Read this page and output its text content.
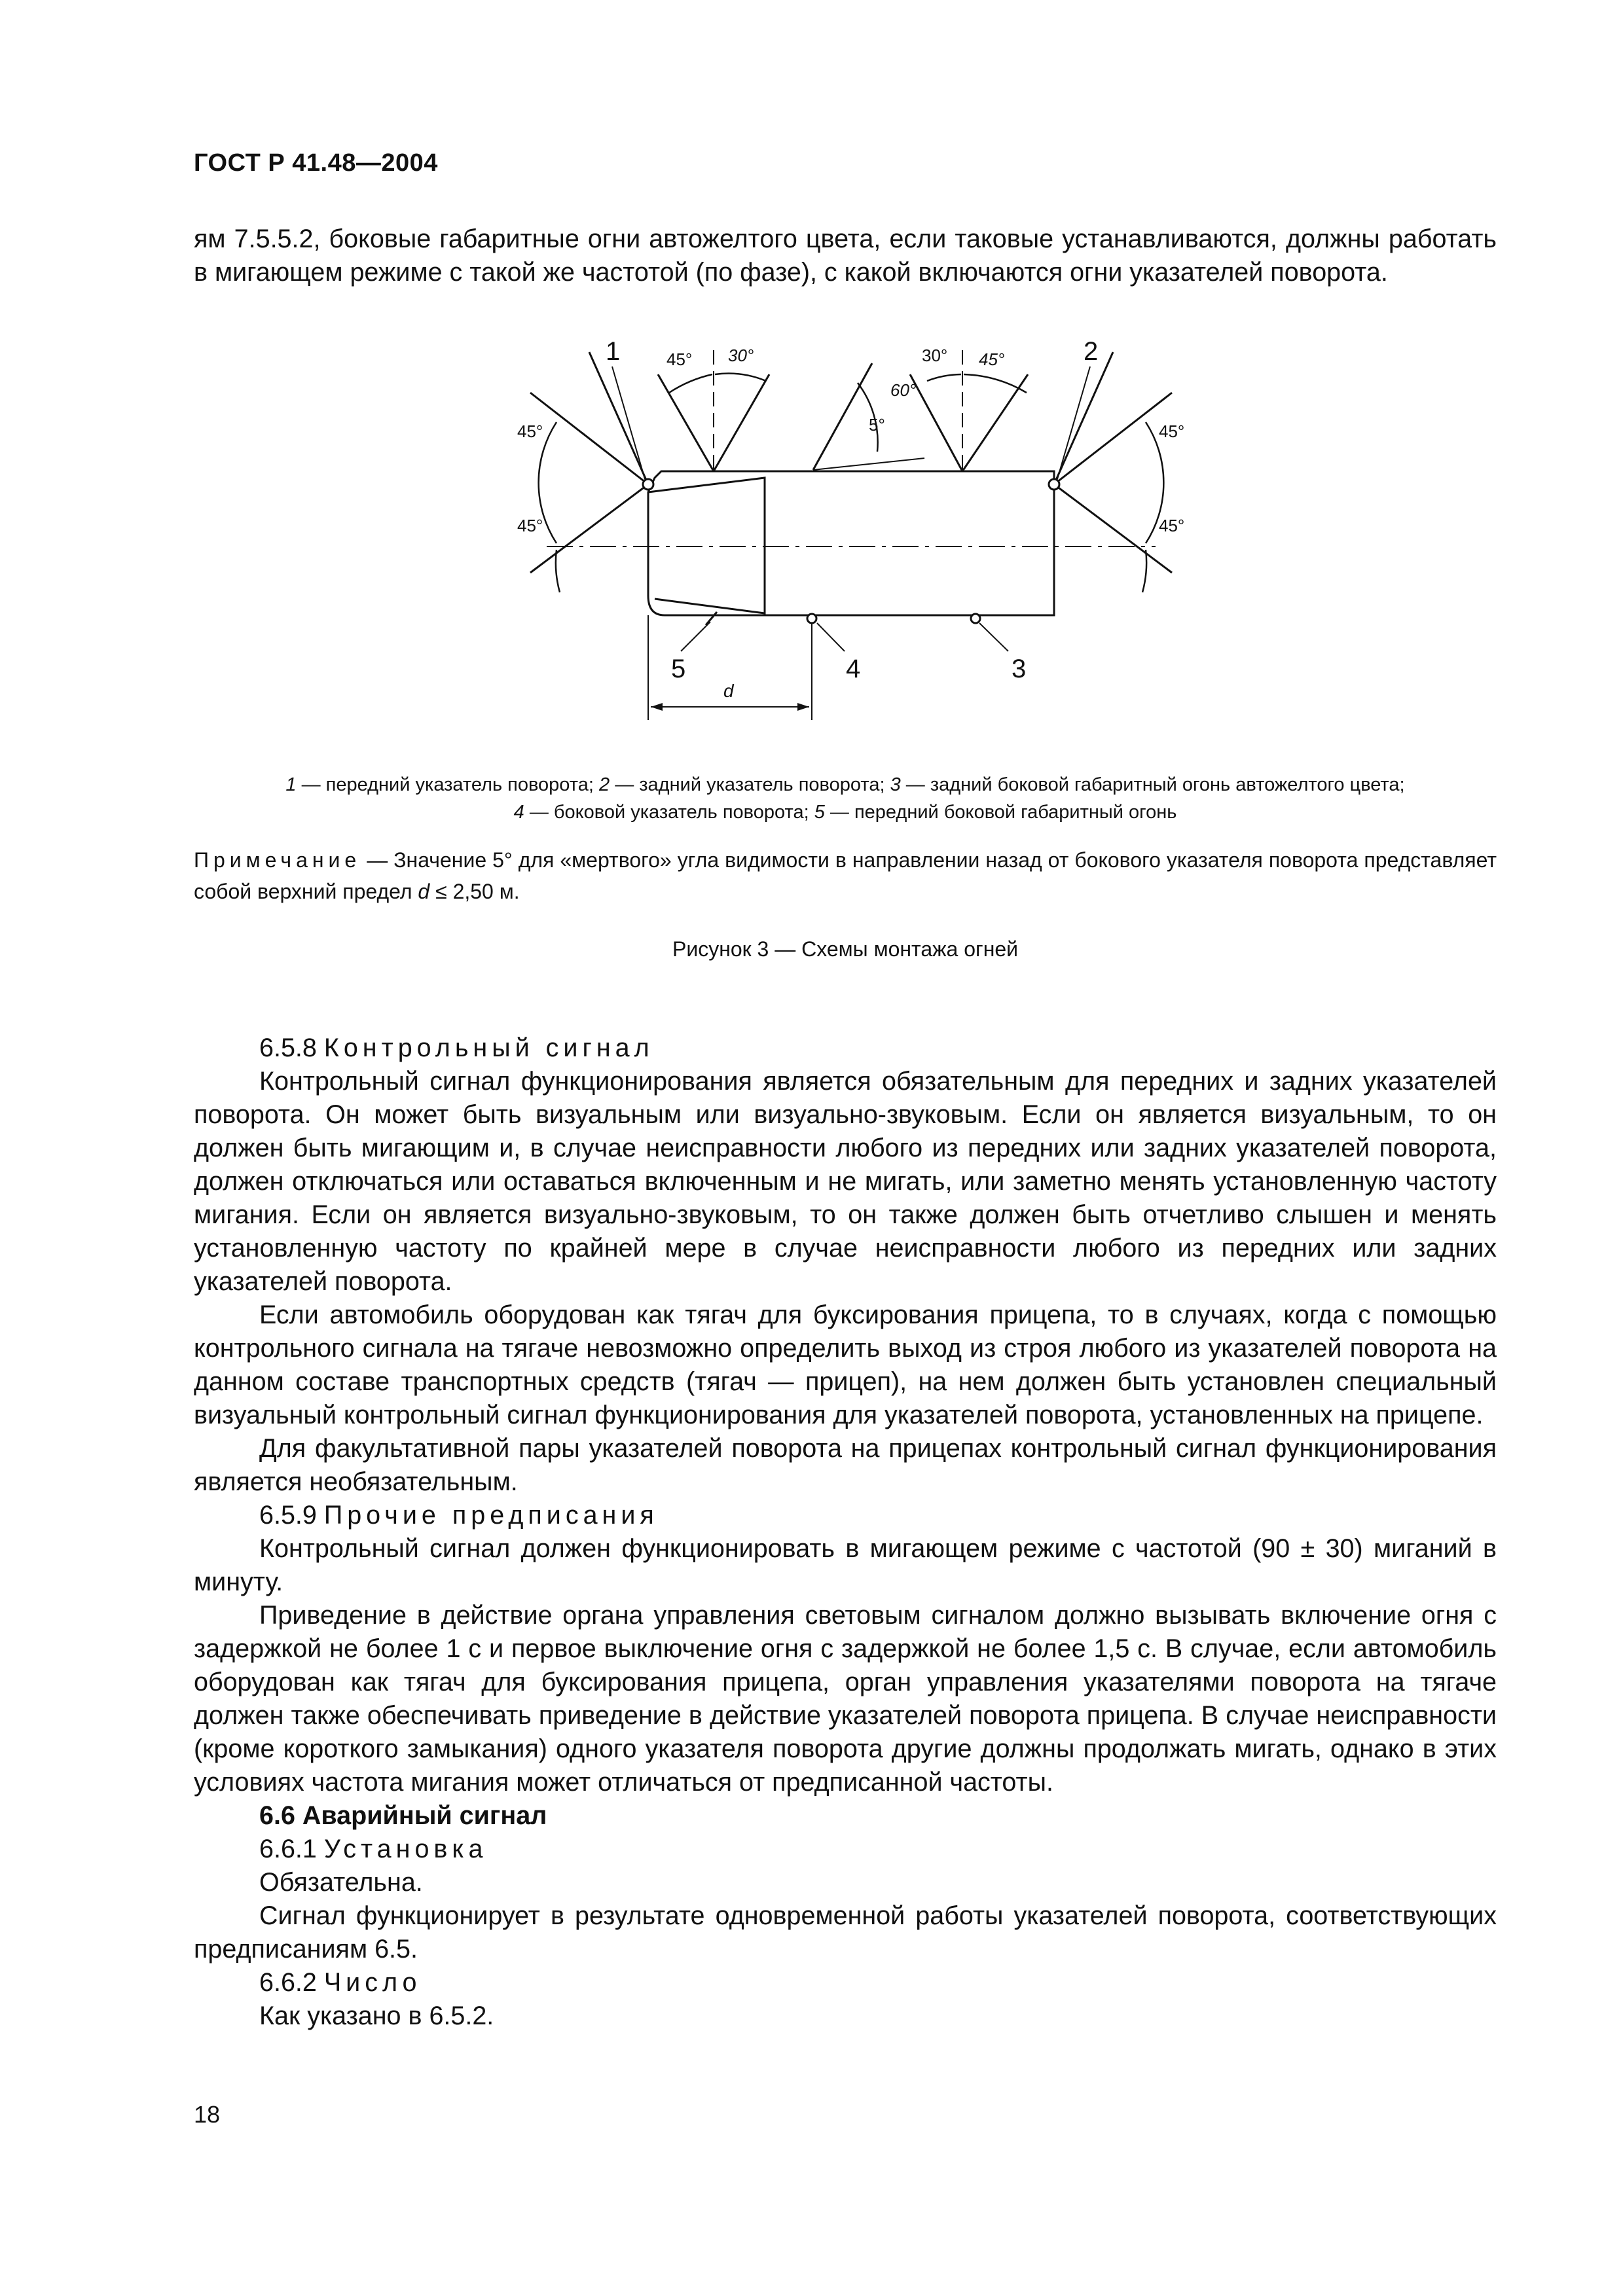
ГОСТ Р 41.48—2004

ям 7.5.5.2, боковые габаритные огни автожелтого цвета, если таковые устанавливаются, должны работать в мигающем режиме с такой же частотой (по фазе), с какой включаются огни указателей поворота.

1	2
5	4	3
45° 30°	30° 45°
60°
5°
45°
45°
45°
45°
d
1 — передний указатель поворота; 2 — задний указатель поворота; 3 — задний боковой габаритный огонь автожелтого цвета;
4 — боковой указатель поворота; 5 — передний боковой габаритный огонь

Примечание — Значение 5° для «мертвого» угла видимости в направлении назад от бокового указателя поворота представляет собой верхний предел d ≤ 2,50 м.

Рисунок 3 — Схемы монтажа огней

6.5.8 Контрольный сигнал

Контрольный сигнал функционирования является обязательным для передних и задних указателей поворота. Он может быть визуальным или визуально-звуковым. Если он является визуальным, то он должен быть мигающим и, в случае неисправности любого из передних или задних указателей поворота, должен отключаться или оставаться включенным и не мигать, или заметно менять установленную частоту мигания. Если он является визуально-звуковым, то он также должен быть отчетливо слышен и менять установленную частоту по крайней мере в случае неисправности любого из передних или задних указателей поворота.

Если автомобиль оборудован как тягач для буксирования прицепа, то в случаях, когда с помощью контрольного сигнала на тягаче невозможно определить выход из строя любого из указателей поворота на данном составе транспортных средств (тягач — прицеп), на нем должен быть установлен специальный визуальный контрольный сигнал функционирования для указателей поворота, установленных на прицепе.

Для факультативной пары указателей поворота на прицепах контрольный сигнал функционирования является необязательным.

6.5.9 Прочие предписания

Контрольный сигнал должен функционировать в мигающем режиме с частотой (90 ± 30) миганий в минуту.

Приведение в действие органа управления световым сигналом должно вызывать включение огня с задержкой не более 1 с и первое выключение огня с задержкой не более 1,5 с. В случае, если автомобиль оборудован как тягач для буксирования прицепа, орган управления указателями поворота на тягаче должен также обеспечивать приведение в действие указателей поворота прицепа. В случае неисправности (кроме короткого замыкания) одного указателя поворота другие должны продолжать мигать, однако в этих условиях частота мигания может отличаться от предписанной частоты.

6.6 Аварийный сигнал

6.6.1 Установка

Обязательна.

Сигнал функционирует в результате одновременной работы указателей поворота, соответствующих предписаниям 6.5.

6.6.2 Число

Как указано в 6.5.2.

18
